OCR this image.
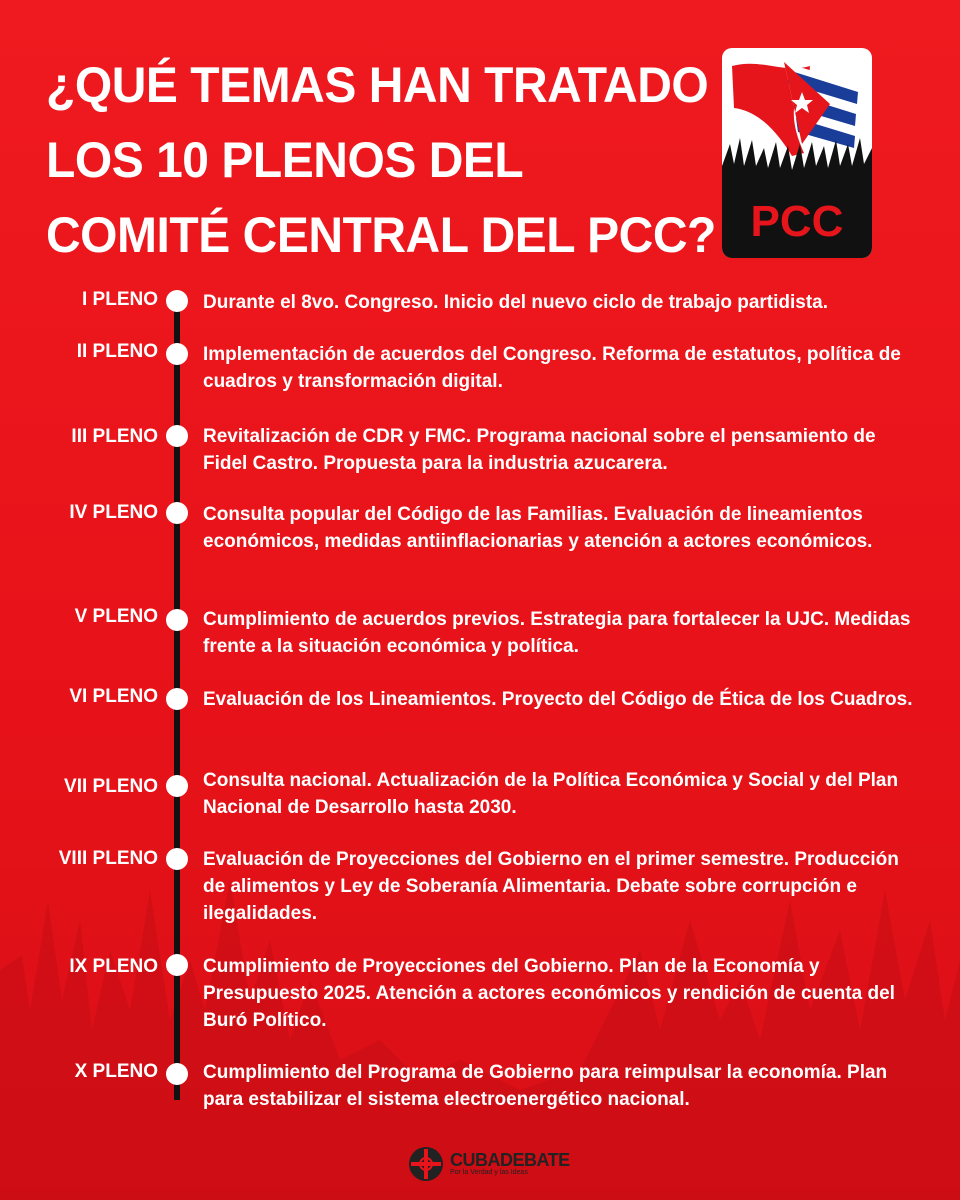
¿QUÉ TEMAS HAN TRATADO
LOS 10 PLENOS DEL
COMITÉ CENTRAL DEL PCC? PCC
I PLENO Durante el 8vo. Congreso. Inicio del nuevo ciclo de trabajo partidista.
II PLENO Implementación de acuerdos del Congreso. Reforma de estatutos, política de cuadros y transformación digital.
III PLENO Revitalización de CDR y FMC. Programa nacional sobre el pensamiento de Fidel Castro. Propuesta para la industria azucarera.
IV PLENO Consulta popular del Código de las Familias. Evaluación de lineamientos económicos, medidas antiinflacionarias y atención a actores económicos.
V PLENO Cumplimiento de acuerdos previos. Estrategia para fortalecer la UJC. Medidas frente a la situación económica y política.
VI PLENO Evaluación de los Lineamientos. Proyecto del Código de Ética de los Cuadros.
VII PLENO Consulta nacional. Actualización de la Política Económica y Social y del Plan Nacional de Desarrollo hasta 2030.
VIII PLENO Evaluación de Proyecciones del Gobierno en el primer semestre. Producción de alimentos y Ley de Soberanía Alimentaria. Debate sobre corrupción e ilegalidades.
IX PLENO Cumplimiento de Proyecciones del Gobierno. Plan de la Economía y Presupuesto 2025. Atención a actores económicos y rendición de cuenta del Buró Político.
X PLENO Cumplimiento del Programa de Gobierno para reimpulsar la economía. Plan para estabilizar el sistema electroenergético nacional.
CUBADEBATE
Por la Verdad y las Ideas
